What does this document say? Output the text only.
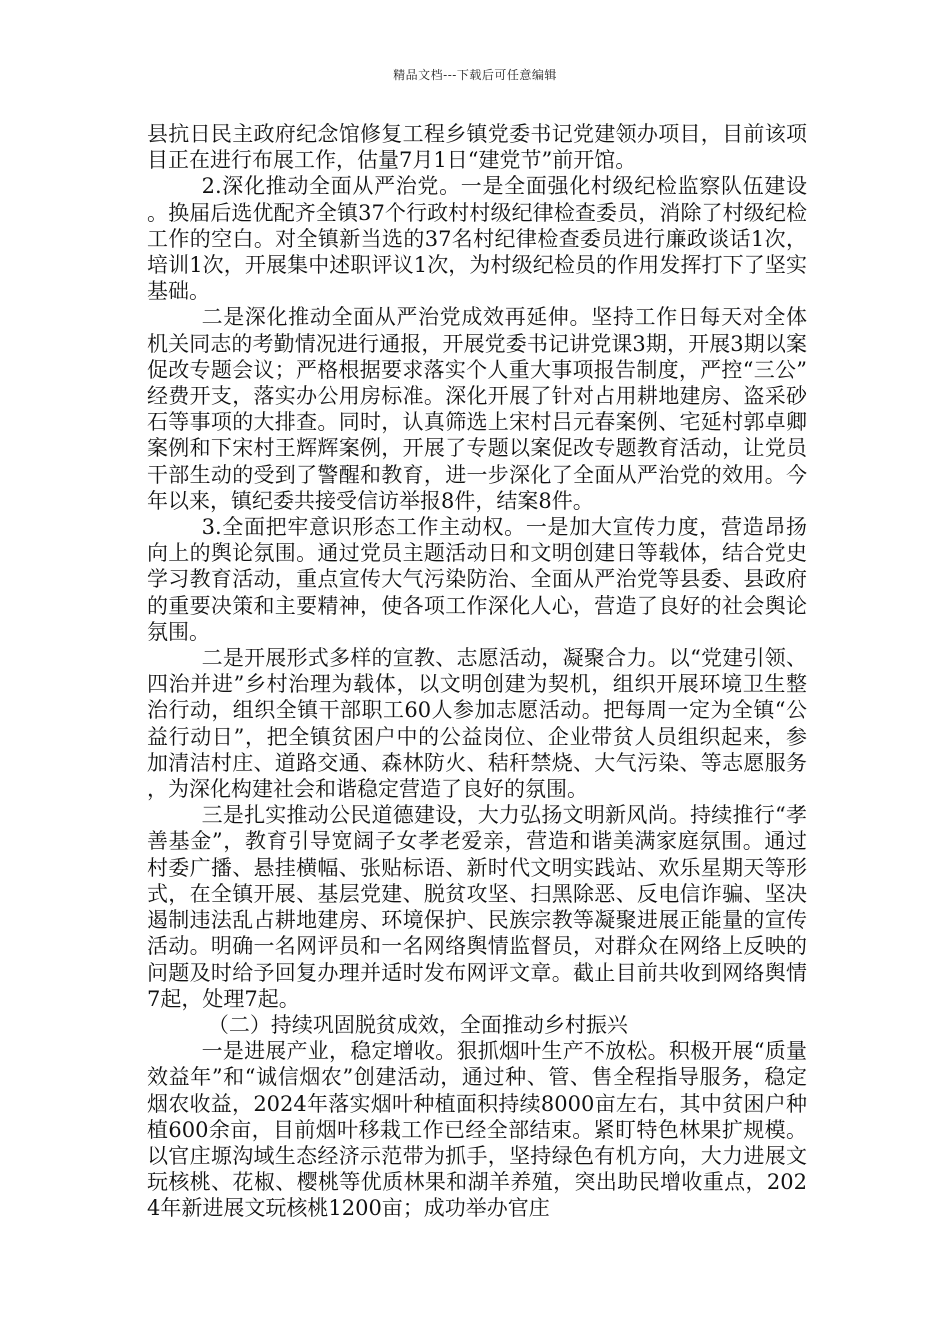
精品文档---下载后可任意编辑

县抗日民主政府纪念馆修复工程乡镇党委书记党建领办项目，目前该项目正在进行布展工作，估量7月1日“建党节”前开馆。

2.深化推动全面从严治党。一是全面强化村级纪检监察队伍建设。换届后选优配齐全镇37个行政村村级纪律检查委员，消除了村级纪检工作的空白。对全镇新当选的37名村纪律检查委员进行廉政谈话1次，培训1次，开展集中述职评议1次，为村级纪检员的作用发挥打下了坚实基础。

二是深化推动全面从严治党成效再延伸。坚持工作日每天对全体机关同志的考勤情况进行通报，开展党委书记讲党课3期，开展3期以案促改专题会议；严格根据要求落实个人重大事项报告制度，严控“三公”经费开支，落实办公用房标准。深化开展了针对占用耕地建房、盗采砂石等事项的大排查。同时，认真筛选上宋村吕元春案例、宅延村郭卓卿案例和下宋村王辉辉案例，开展了专题以案促改专题教育活动，让党员干部生动的受到了警醒和教育，进一步深化了全面从严治党的效用。今年以来，镇纪委共接受信访举报8件，结案8件。

3.全面把牢意识形态工作主动权。一是加大宣传力度，营造昂扬向上的舆论氛围。通过党员主题活动日和文明创建日等载体，结合党史学习教育活动，重点宣传大气污染防治、全面从严治党等县委、县政府的重要决策和主要精神，使各项工作深化人心，营造了良好的社会舆论氛围。

二是开展形式多样的宣教、志愿活动，凝聚合力。以“党建引领、四治并进”乡村治理为载体，以文明创建为契机，组织开展环境卫生整治行动，组织全镇干部职工60人参加志愿活动。把每周一定为全镇“公益行动日”，把全镇贫困户中的公益岗位、企业带贫人员组织起来，参加清洁村庄、道路交通、森林防火、秸秆禁烧、大气污染、等志愿服务，为深化构建社会和谐稳定营造了良好的氛围。

三是扎实推动公民道德建设，大力弘扬文明新风尚。持续推行“孝善基金”，教育引导宽阔子女孝老爱亲，营造和谐美满家庭氛围。通过村委广播、悬挂横幅、张贴标语、新时代文明实践站、欢乐星期天等形式，在全镇开展、基层党建、脱贫攻坚、扫黑除恶、反电信诈骗、坚决遏制违法乱占耕地建房、环境保护、民族宗教等凝聚进展正能量的宣传活动。明确一名网评员和一名网络舆情监督员，对群众在网络上反映的问题及时给予回复办理并适时发布网评文章。截止目前共收到网络舆情7起，处理7起。

（二）持续巩固脱贫成效，全面推动乡村振兴

一是进展产业，稳定增收。狠抓烟叶生产不放松。积极开展“质量效益年”和“诚信烟农”创建活动，通过种、管、售全程指导服务，稳定烟农收益，2024年落实烟叶种植面积持续8000亩左右，其中贫困户种植600余亩，目前烟叶移栽工作已经全部结束。紧盯特色林果扩规模。以官庄塬沟域生态经济示范带为抓手，坚持绿色有机方向，大力进展文玩核桃、花椒、樱桃等优质林果和湖羊养殖，突出助民增收重点，2024年新进展文玩核桃1200亩；成功举办官庄
